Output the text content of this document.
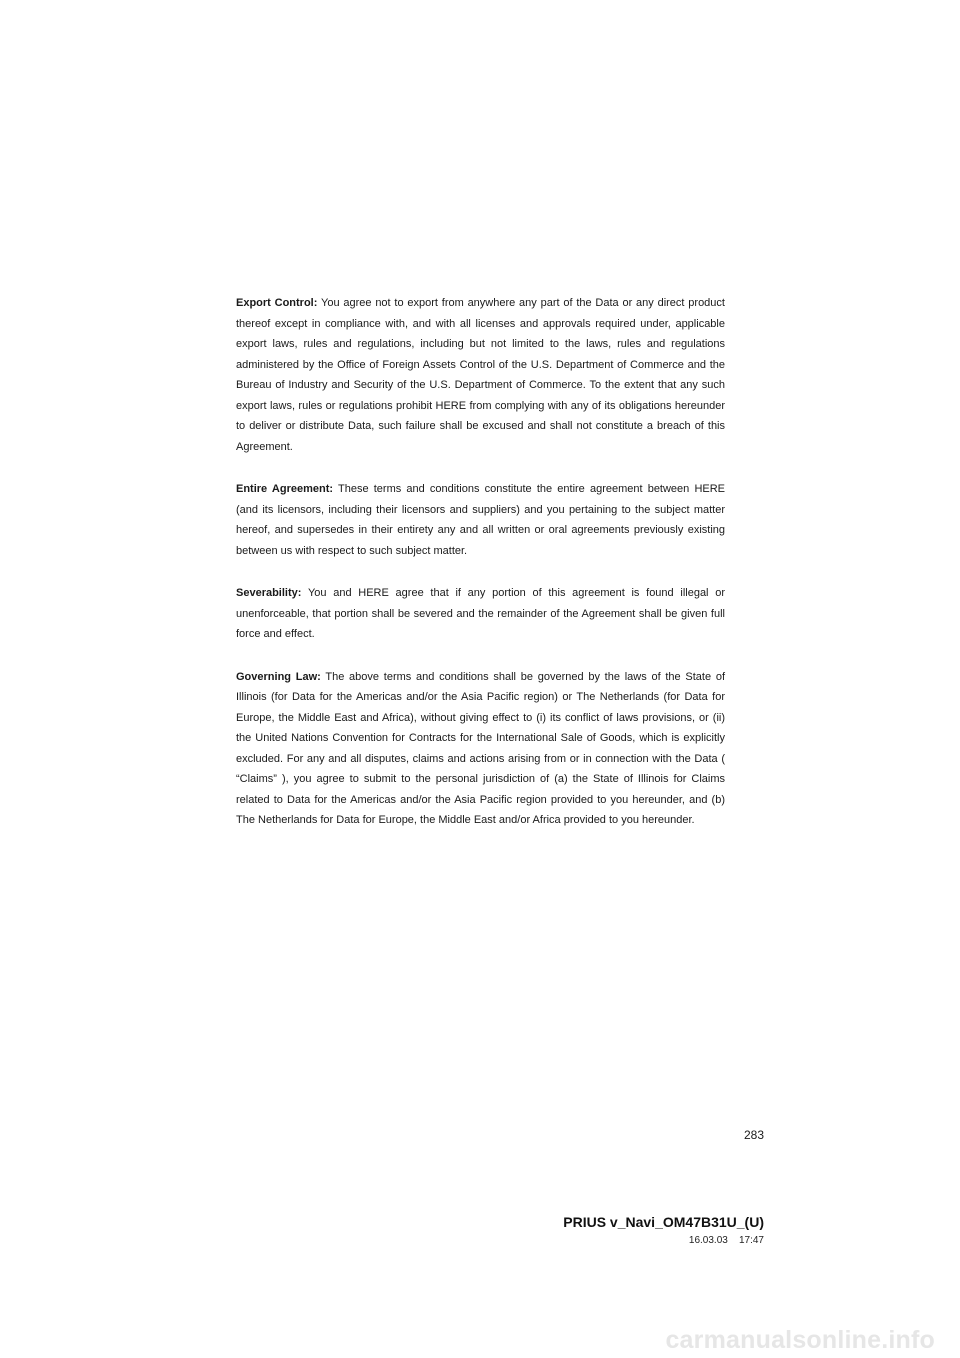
Export Control: You agree not to export from anywhere any part of the Data or any direct product thereof except in compliance with, and with all licenses and approvals required under, applicable export laws, rules and regulations, including but not limited to the laws, rules and regulations administered by the Office of Foreign Assets Control of the U.S. Department of Commerce and the Bureau of Industry and Security of the U.S. Department of Commerce. To the extent that any such export laws, rules or regulations prohibit HERE from complying with any of its obligations hereunder to deliver or distribute Data, such failure shall be excused and shall not constitute a breach of this Agreement.

Entire Agreement: These terms and conditions constitute the entire agreement between HERE (and its licensors, including their licensors and suppliers) and you pertaining to the subject matter hereof, and supersedes in their entirety any and all written or oral agreements previously existing between us with respect to such subject matter.

Severability: You and HERE agree that if any portion of this agreement is found illegal or unenforceable, that portion shall be severed and the remainder of the Agreement shall be given full force and effect.

Governing Law: The above terms and conditions shall be governed by the laws of the State of Illinois (for Data for the Americas and/or the Asia Pacific region) or The Netherlands (for Data for Europe, the Middle East and Africa), without giving effect to (i) its conflict of laws provisions, or (ii) the United Nations Convention for Contracts for the International Sale of Goods, which is explicitly excluded. For any and all disputes, claims and actions arising from or in connection with the Data ( “Claims” ), you agree to submit to the personal jurisdiction of (a) the State of Illinois for Claims related to Data for the Americas and/or the Asia Pacific region provided to you hereunder, and (b) The Netherlands for Data for Europe, the Middle East and/or Africa provided to you hereunder.

283
PRIUS v_Navi_OM47B31U_(U)
16.03.03 17:47
carmanualsonline.info
